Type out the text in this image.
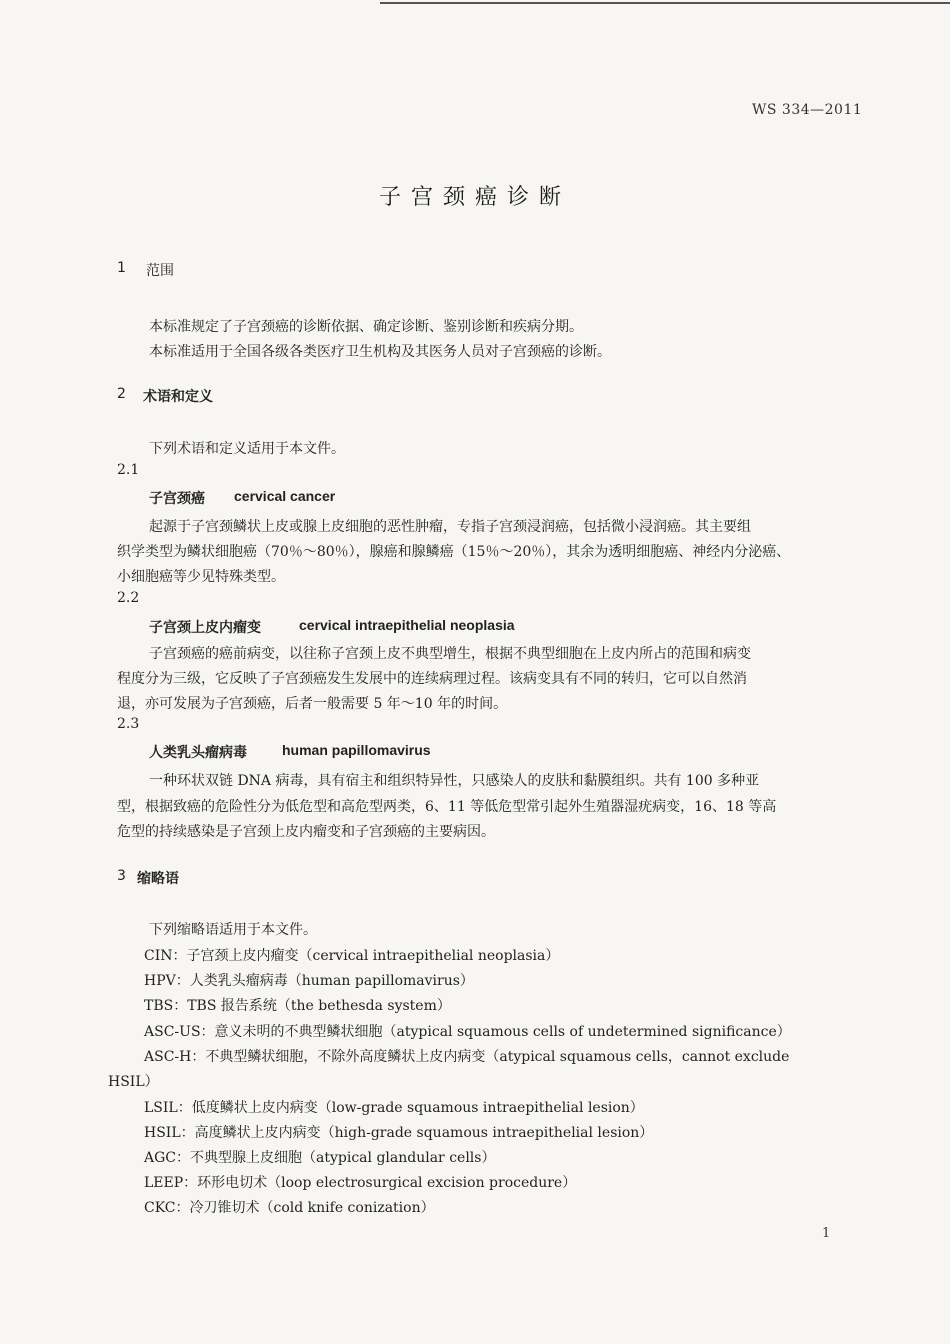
WS 334—2011
子宫颈癌诊断
1 范围
本标准规定了子宫颈癌的诊断依据、确定诊断、鉴别诊断和疾病分期。
本标准适用于全国各级各类医疗卫生机构及其医务人员对子宫颈癌的诊断。
2 术语和定义
下列术语和定义适用于本文件。
2.1
子宫颈癌 cervical cancer
起源于子宫颈鳞状上皮或腺上皮细胞的恶性肿瘤，专指子宫颈浸润癌，包括微小浸润癌。其主要组
织学类型为鳞状细胞癌（70％～80％），腺癌和腺鳞癌（15％～20％），其余为透明细胞癌、神经内分泌癌、
小细胞癌等少见特殊类型。
2.2
子宫颈上皮内瘤变	cervical intraepithelial neoplasia
子宫颈癌的癌前病变，以往称子宫颈上皮不典型增生，根据不典型细胞在上皮内所占的范围和病变
程度分为三级，它反映了子宫颈癌发生发展中的连续病理过程。该病变具有不同的转归，它可以自然消
退，亦可发展为子宫颈癌，后者一般需要 5 年～10 年的时间。
2.3
人类乳头瘤病毒	human papillomavirus
一种环状双链 DNA 病毒，具有宿主和组织特异性，只感染人的皮肤和黏膜组织。共有 100 多种亚
型，根据致癌的危险性分为低危型和高危型两类，6、11 等低危型常引起外生殖器湿疣病变，16、18 等高
危型的持续感染是子宫颈上皮内瘤变和子宫颈癌的主要病因。
3 缩略语
下列缩略语适用于本文件。
CIN：子宫颈上皮内瘤变（cervical intraepithelial neoplasia）
HPV：人类乳头瘤病毒（human papillomavirus）
TBS：TBS 报告系统（the bethesda system）
ASC-US：意义未明的不典型鳞状细胞（atypical squamous cells of undetermined significance）
ASC-H：不典型鳞状细胞，不除外高度鳞状上皮内病变（atypical squamous cells，cannot exclude
HSIL）
LSIL：低度鳞状上皮内病变（low-grade squamous intraepithelial lesion）
HSIL：高度鳞状上皮内病变（high-grade squamous intraepithelial lesion）
AGC：不典型腺上皮细胞（atypical glandular cells）
LEEP：环形电切术（loop electrosurgical excision procedure）
CKC：冷刀锥切术（cold knife conization）
1
